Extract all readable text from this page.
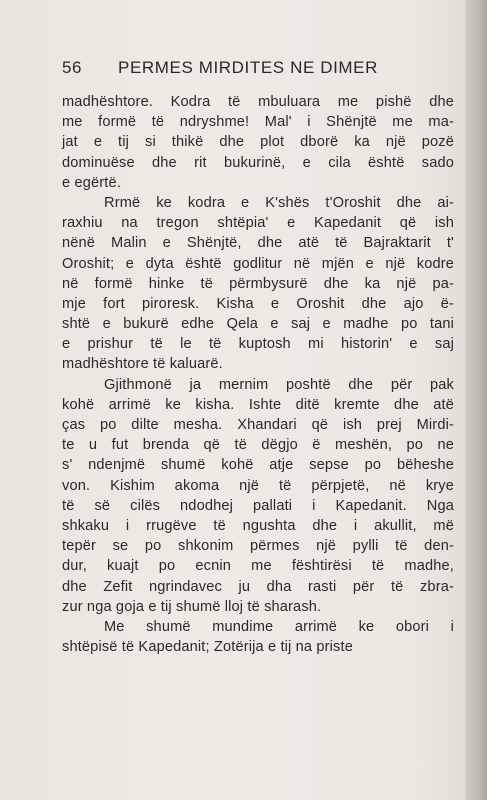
56 PERMES MIRDITES NE DIMER
madhështore. Kodra të mbuluara me pishë dhe
me formë të ndryshme! Mal' i Shënjtë me ma-
jat e tij si thikë dhe plot dborë ka një pozë
dominuëse dhe rit bukurinë, e cila është sado
e egërtë.
Rrmë ke kodra e K'shës t'Oroshit dhe ai-
raxhiu na tregon shtëpia' e Kapedanit që ish
nënë Malin e Shënjtë, dhe atë të Bajraktarit t'
Oroshit; e dyta është godlitur në mjën e një kodre
në formë hinke të përmbysurë dhe ka një pa-
mje fort piroresk. Kisha e Oroshit dhe ajo ë-
shtë e bukurë edhe Qela e saj e madhe po tani
e prishur të le të kuptosh mi historin' e saj
madhështore të kaluarë.
Gjithmonë ja mernim poshtë dhe për pak
kohë arrimë ke kisha. Ishte ditë kremte dhe atë
ças po dilte mesha. Xhandari që ish prej Mirdi-
te u fut brenda që të dëgjo ë meshën, po ne
s' ndenjmë shumë kohë atje sepse po bëheshe
von. Kishim akoma një të përpjetë, në krye
të së cilës ndodhej pallati i Kapedanit. Nga
shkaku i rrugëve të ngushta dhe i akullit, më
tepër se po shkonim përmes një pylli të den-
dur, kuajt po ecnin me fështirësi të madhe,
dhe Zefit ngrindavec ju dha rasti për të zbra-
zur nga goja e tij shumë lloj të sharash.
Me shumë mundime arrimë ke obori i
shtëpisë të Kapedanit; Zotërija e tij na priste
